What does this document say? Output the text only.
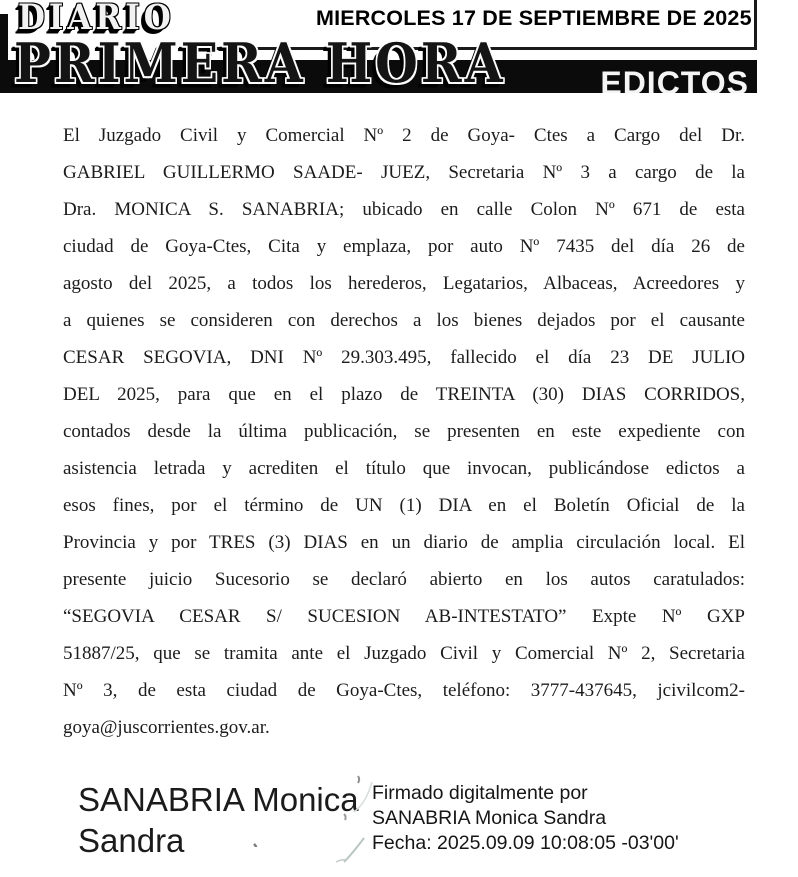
EDICTOS
DIARIO
PRIMERA HORA
MIERCOLES 17 DE SEPTIEMBRE DE 2025
El Juzgado Civil y Comercial Nº 2 de Goya- Ctes a Cargo del Dr.
GABRIEL GUILLERMO SAADE- JUEZ, Secretaria Nº 3 a cargo de la
Dra. MONICA S. SANABRIA; ubicado en calle Colon Nº 671 de esta
ciudad de Goya-Ctes, Cita y emplaza, por auto Nº 7435 del día 26 de
agosto del 2025, a todos los herederos, Legatarios, Albaceas, Acreedores y
a quienes se consideren con derechos a los bienes dejados por el causante
CESAR SEGOVIA, DNI Nº 29.303.495, fallecido el día 23 DE JULIO
DEL 2025, para que en el plazo de TREINTA (30) DIAS CORRIDOS,
contados desde la última publicación, se presenten en este expediente con
asistencia letrada y acrediten el título que invocan, publicándose edictos a
esos fines, por el término de UN (1) DIA en el Boletín Oficial de la
Provincia y por TRES (3) DIAS en un diario de amplia circulación local. El
presente juicio Sucesorio se declaró abierto en los autos caratulados:
“SEGOVIA CESAR S/ SUCESION AB-INTESTATO” Expte Nº GXP
51887/25, que se tramita ante el Juzgado Civil y Comercial Nº 2, Secretaria
Nº 3, de esta ciudad de Goya-Ctes, teléfono: 3777-437645, jcivilcom2-
goya@juscorrientes.gov.ar.
SANABRIA Monica Sandra
Firmado digitalmente por
SANABRIA Monica Sandra
Fecha: 2025.09.09 10:08:05 -03'00'
